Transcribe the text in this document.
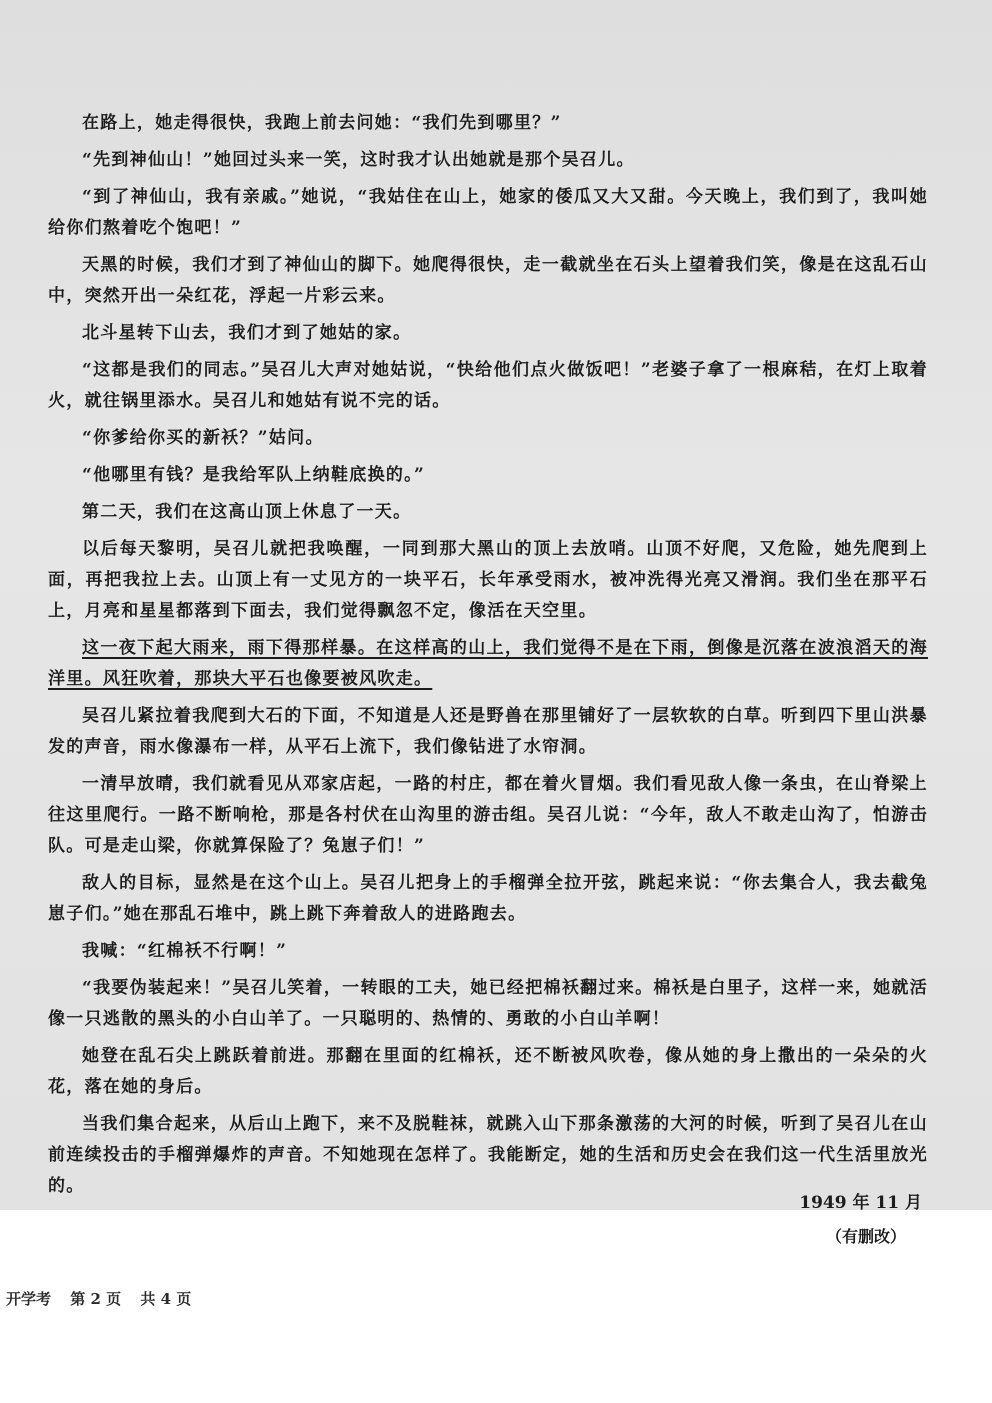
在路上，她走得很快，我跑上前去问她：“我们先到哪里？”

“先到神仙山！”她回过头来一笑，这时我才认出她就是那个吴召儿。

“到了神仙山，我有亲戚。”她说，“我姑住在山上，她家的倭瓜又大又甜。今天晚上，我们到了，我叫她给你们熬着吃个饱吧！”

天黑的时候，我们才到了神仙山的脚下。她爬得很快，走一截就坐在石头上望着我们笑，像是在这乱石山中，突然开出一朵红花，浮起一片彩云来。

北斗星转下山去，我们才到了她姑的家。

“这都是我们的同志。”吴召儿大声对她姑说，“快给他们点火做饭吧！”老婆子拿了一根麻秸，在灯上取着火，就往锅里添水。吴召儿和她姑有说不完的话。

“你爹给你买的新袄？”姑问。

“他哪里有钱？是我给军队上纳鞋底换的。”

第二天，我们在这高山顶上休息了一天。

以后每天黎明，吴召儿就把我唤醒，一同到那大黑山的顶上去放哨。山顶不好爬，又危险，她先爬到上面，再把我拉上去。山顶上有一丈见方的一块平石，长年承受雨水，被冲洗得光亮又滑润。我们坐在那平石上，月亮和星星都落到下面去，我们觉得飘忽不定，像活在天空里。

这一夜下起大雨来，雨下得那样暴。在这样高的山上，我们觉得不是在下雨，倒像是沉落在波浪滔天的海洋里。风狂吹着，那块大平石也像要被风吹走。

吴召儿紧拉着我爬到大石的下面，不知道是人还是野兽在那里铺好了一层软软的白草。听到四下里山洪暴发的声音，雨水像瀑布一样，从平石上流下，我们像钻进了水帘洞。

一清早放晴，我们就看见从邓家店起，一路的村庄，都在着火冒烟。我们看见敌人像一条虫，在山脊梁上往这里爬行。一路不断响枪，那是各村伏在山沟里的游击组。吴召儿说：“今年，敌人不敢走山沟了，怕游击队。可是走山梁，你就算保险了？兔崽子们！”

敌人的目标，显然是在这个山上。吴召儿把身上的手榴弹全拉开弦，跳起来说：“你去集合人，我去截兔崽子们。”她在那乱石堆中，跳上跳下奔着敌人的进路跑去。

我喊：“红棉袄不行啊！”

“我要伪装起来！”吴召儿笑着，一转眼的工夫，她已经把棉袄翻过来。棉袄是白里子，这样一来，她就活像一只逃散的黑头的小白山羊了。一只聪明的、热情的、勇敢的小白山羊啊！

她登在乱石尖上跳跃着前进。那翻在里面的红棉袄，还不断被风吹卷，像从她的身上撒出的一朵朵的火花，落在她的身后。

当我们集合起来，从后山上跑下，来不及脱鞋袜，就跳入山下那条激荡的大河的时候，听到了吴召儿在山前连续投击的手榴弹爆炸的声音。不知她现在怎样了。我能断定，她的生活和历史会在我们这一代生活里放光的。

1949 年 11 月
（有删改）
开学考 第 2 页 共 4 页
